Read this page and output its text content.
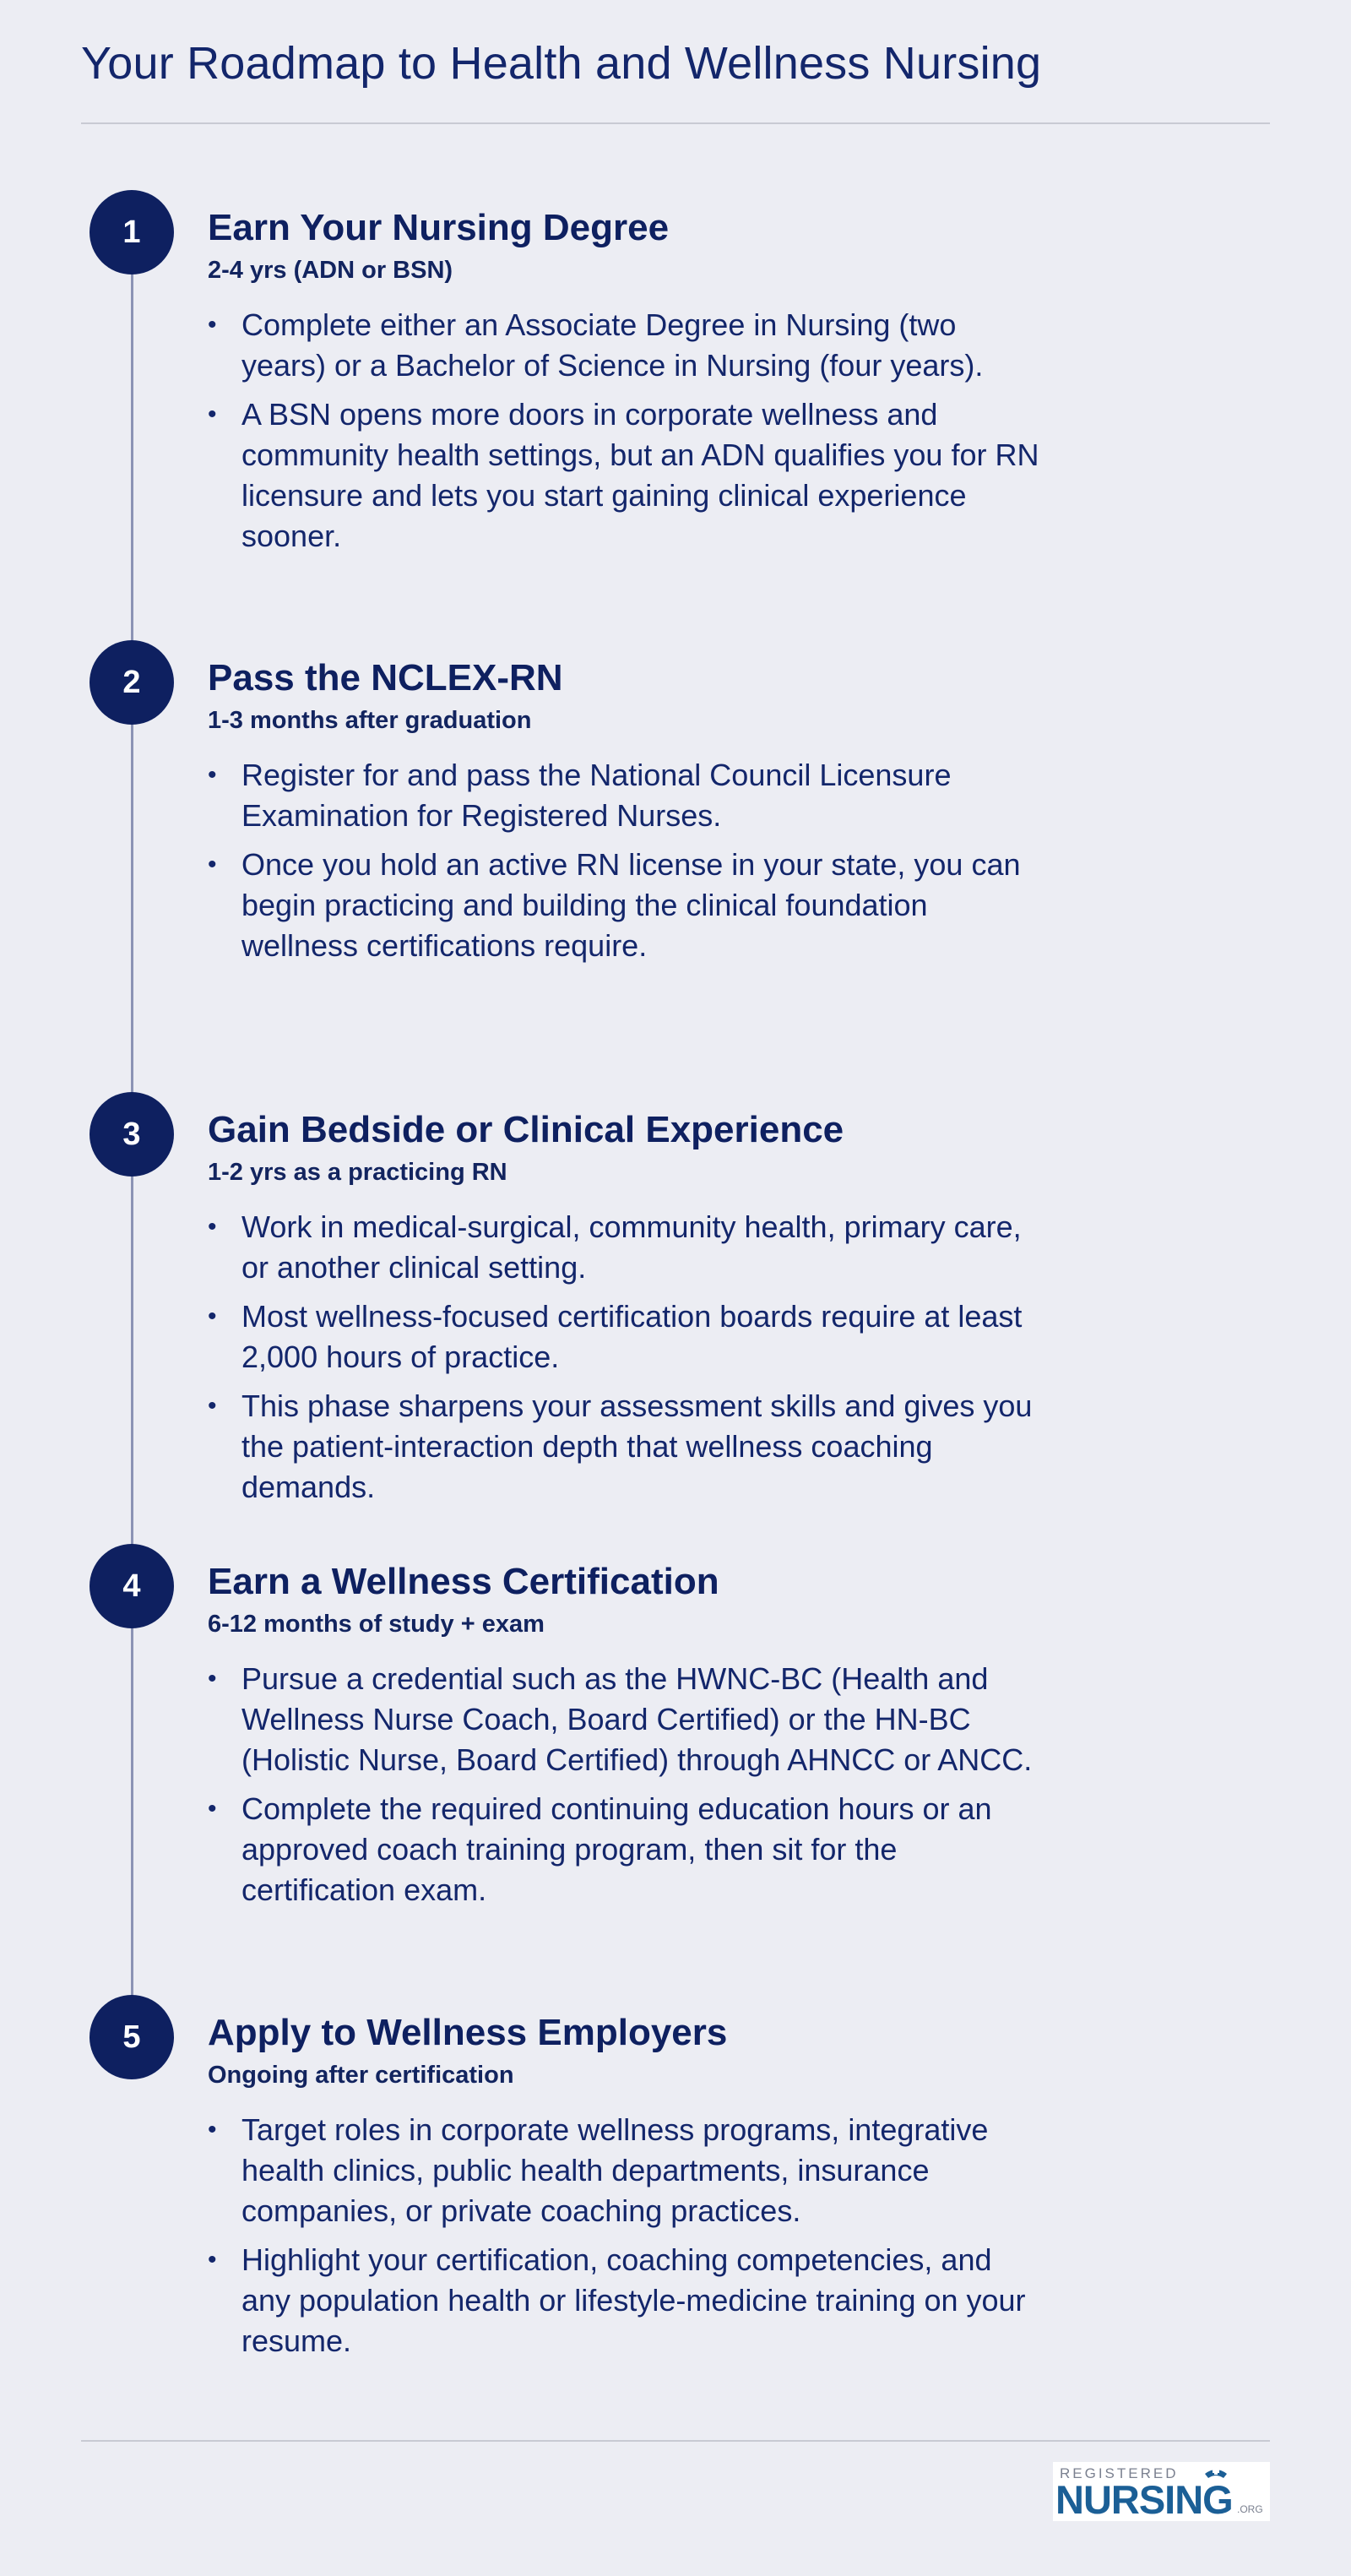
Your Roadmap to Health and Wellness Nursing
1	Earn Your Nursing Degree

2-4 yrs (ADN or BSN)

• Complete either an Associate Degree in Nursing (two years) or a Bachelor of Science in Nursing (four years).
• A BSN opens more doors in corporate wellness and community health settings, but an ADN qualifies you for RN licensure and lets you start gaining clinical experience sooner.
2	Pass the NCLEX-RN

1-3 months after graduation

• Register for and pass the National Council Licensure Examination for Registered Nurses.
• Once you hold an active RN license in your state, you can begin practicing and building the clinical foundation wellness certifications require.
3	Gain Bedside or Clinical Experience

1-2 yrs as a practicing RN

• Work in medical-surgical, community health, primary care, or another clinical setting.
• Most wellness-focused certification boards require at least 2,000 hours of practice.
• This phase sharpens your assessment skills and gives you the patient-interaction depth that wellness coaching demands.
4	Earn a Wellness Certification

6-12 months of study + exam

• Pursue a credential such as the HWNC-BC (Health and Wellness Nurse Coach, Board Certified) or the HN-BC (Holistic Nurse, Board Certified) through AHNCC or ANCC.
• Complete the required continuing education hours or an approved coach training program, then sit for the certification exam.
5	Apply to Wellness Employers

Ongoing after certification

• Target roles in corporate wellness programs, integrative health clinics, public health departments, insurance companies, or private coaching practices.
• Highlight your certification, coaching competencies, and any population health or lifestyle-medicine training on your resume.
REGISTERED
NURSING .ORG
